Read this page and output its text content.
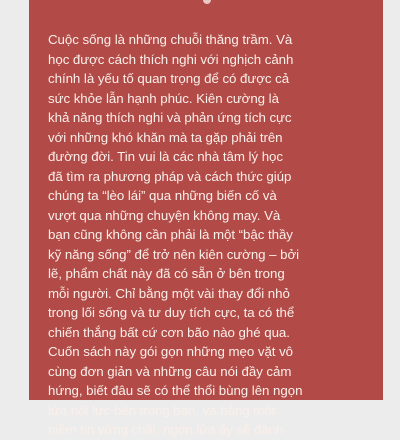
Cuộc sống là những chuỗi thăng trầm. Và
học được cách thích nghi với nghịch cảnh
chính là yếu tố quan trọng để có được cả
sức khỏe lẫn hạnh phúc. Kiên cường là
khả năng thích nghi và phản ứng tích cực
với những khó khăn mà ta gặp phải trên
đường đời. Tin vui là các nhà tâm lý học
đã tìm ra phương pháp và cách thức giúp
chúng ta “lèo lái” qua những biến cố và
vượt qua những chuyện không may. Và
bạn cũng không cần phải là một “bậc thầy
kỹ năng sống” để trở nên kiên cường – bởi
lẽ, phẩm chất này đã có sẵn ở bên trong
mỗi người. Chỉ bằng một vài thay đổi nhỏ
trong lối sống và tư duy tích cực, ta có thể
chiến thắng bất cứ cơn bão nào ghé qua.
Cuốn sách này gói gọn những mẹo vặt vô
cùng đơn giản và những câu nói đầy cảm
hứng, biết đâu sẽ có thể thổi bùng lên ngọn
lửa nội lực bên trong bạn, và bằng một
niềm tin vững chãi, ngọn lửa ấy sẽ đánh
